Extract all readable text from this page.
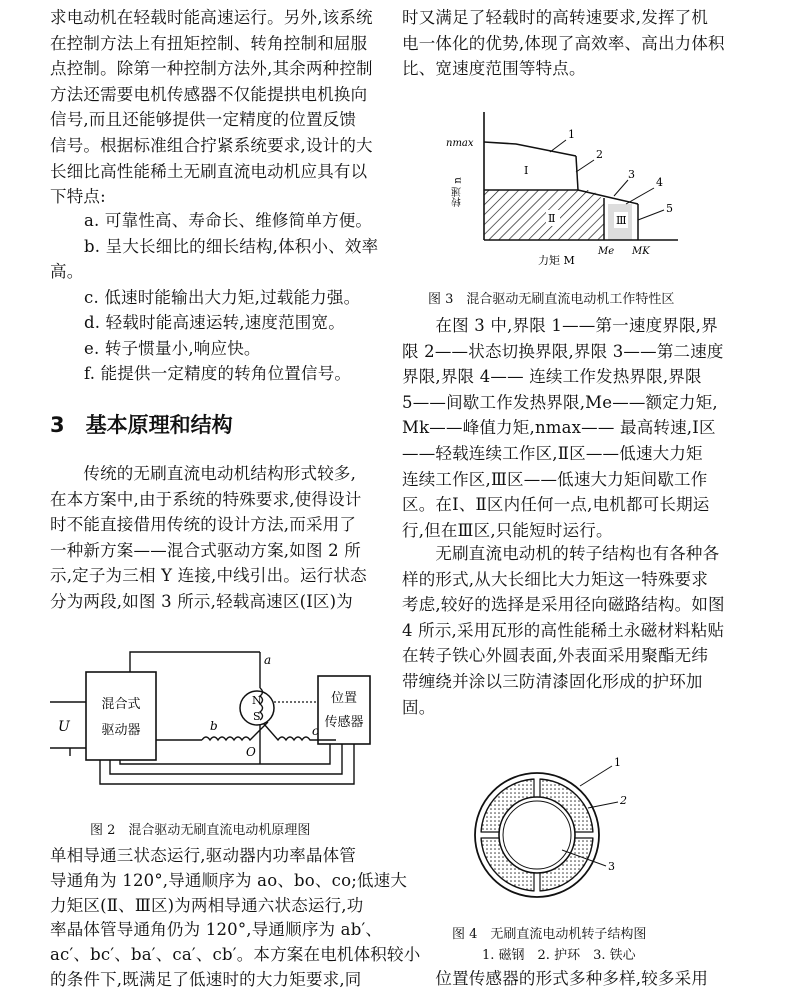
求电动机在轻载时能高速运行。另外,该系统
在控制方法上有扭矩控制、转角控制和屈服
点控制。除第一种控制方法外,其余两种控制
方法还需要电机传感器不仅能提拱电机换向
信号,而且还能够提供一定精度的位置反馈
信号。根据标准组合拧紧系统要求,设计的大
长细比高性能稀土无刷直流电动机应具有以
下特点:
a. 可靠性高、寿命长、维修简单方便。
b. 呈大长细比的细长结构,体积小、效率
高。
c. 低速时能输出大力矩,过载能力强。
d. 轻载时能高速运转,速度范围宽。
e. 转子惯量小,响应快。
f. 能提供一定精度的转角位置信号。
3　基本原理和结构
　　传统的无刷直流电动机结构形式较多,
在本方案中,由于系统的特殊要求,使得设计
时不能直接借用传统的设计方法,而采用了
一种新方案——混合式驱动方案,如图 2 所
示,定子为三相 Y 连接,中线引出。运行状态
分为两段,如图 3 所示,轻载高速区(Ⅰ区)为
U
混合式
驱动器
a
N
S
b	c
O
位置
传感器
图 2　混合驱动无刷直流电动机原理图
单相导通三状态运行,驱动器内功率晶体管
导通角为 120°,导通顺序为 ao、bo、co;低速大
力矩区(Ⅱ、Ⅲ区)为两相导通六状态运行,功
率晶体管导通角仍为 120°,导通顺序为 ab′、
ac′、bc′、ba′、ca′、cb′。本方案在电机体积较小
的条件下,既满足了低速时的大力矩要求,同
时又满足了轻载时的高转速要求,发挥了机
电一体化的优势,体现了高效率、高出力体积
比、宽速度范围等特点。
1
2
3
4
5
Ⅰ
Ⅱ	Ⅲ
nmax
转速 n
Me MK
力矩 M
图 3　混合驱动无刷直流电动机工作特性区
　　在图 3 中,界限 1——第一速度界限,界
限 2——状态切换界限,界限 3——第二速度
界限,界限 4—— 连续工作发热界限,界限
5——间歇工作发热界限,Me——额定力矩,
Mk——峰值力矩,nmax—— 最高转速,Ⅰ区
——轻载连续工作区,Ⅱ区——低速大力矩
连续工作区,Ⅲ区——低速大力矩间歇工作
区。在Ⅰ、Ⅱ区内任何一点,电机都可长期运
行,但在Ⅲ区,只能短时运行。
　　无刷直流电动机的转子结构也有各种各
样的形式,从大长细比大力矩这一特殊要求
考虑,较好的选择是采用径向磁路结构。如图
4 所示,采用瓦形的高性能稀土永磁材料粘贴
在转子铁心外圆表面,外表面采用聚酯无纬
带缠绕并涂以三防清漆固化形成的护环加
固。
1
2
3
图 4　无刷直流电动机转子结构图
1. 磁钢　2. 护环　3. 铁心
　　位置传感器的形式多种多样,较多采用
